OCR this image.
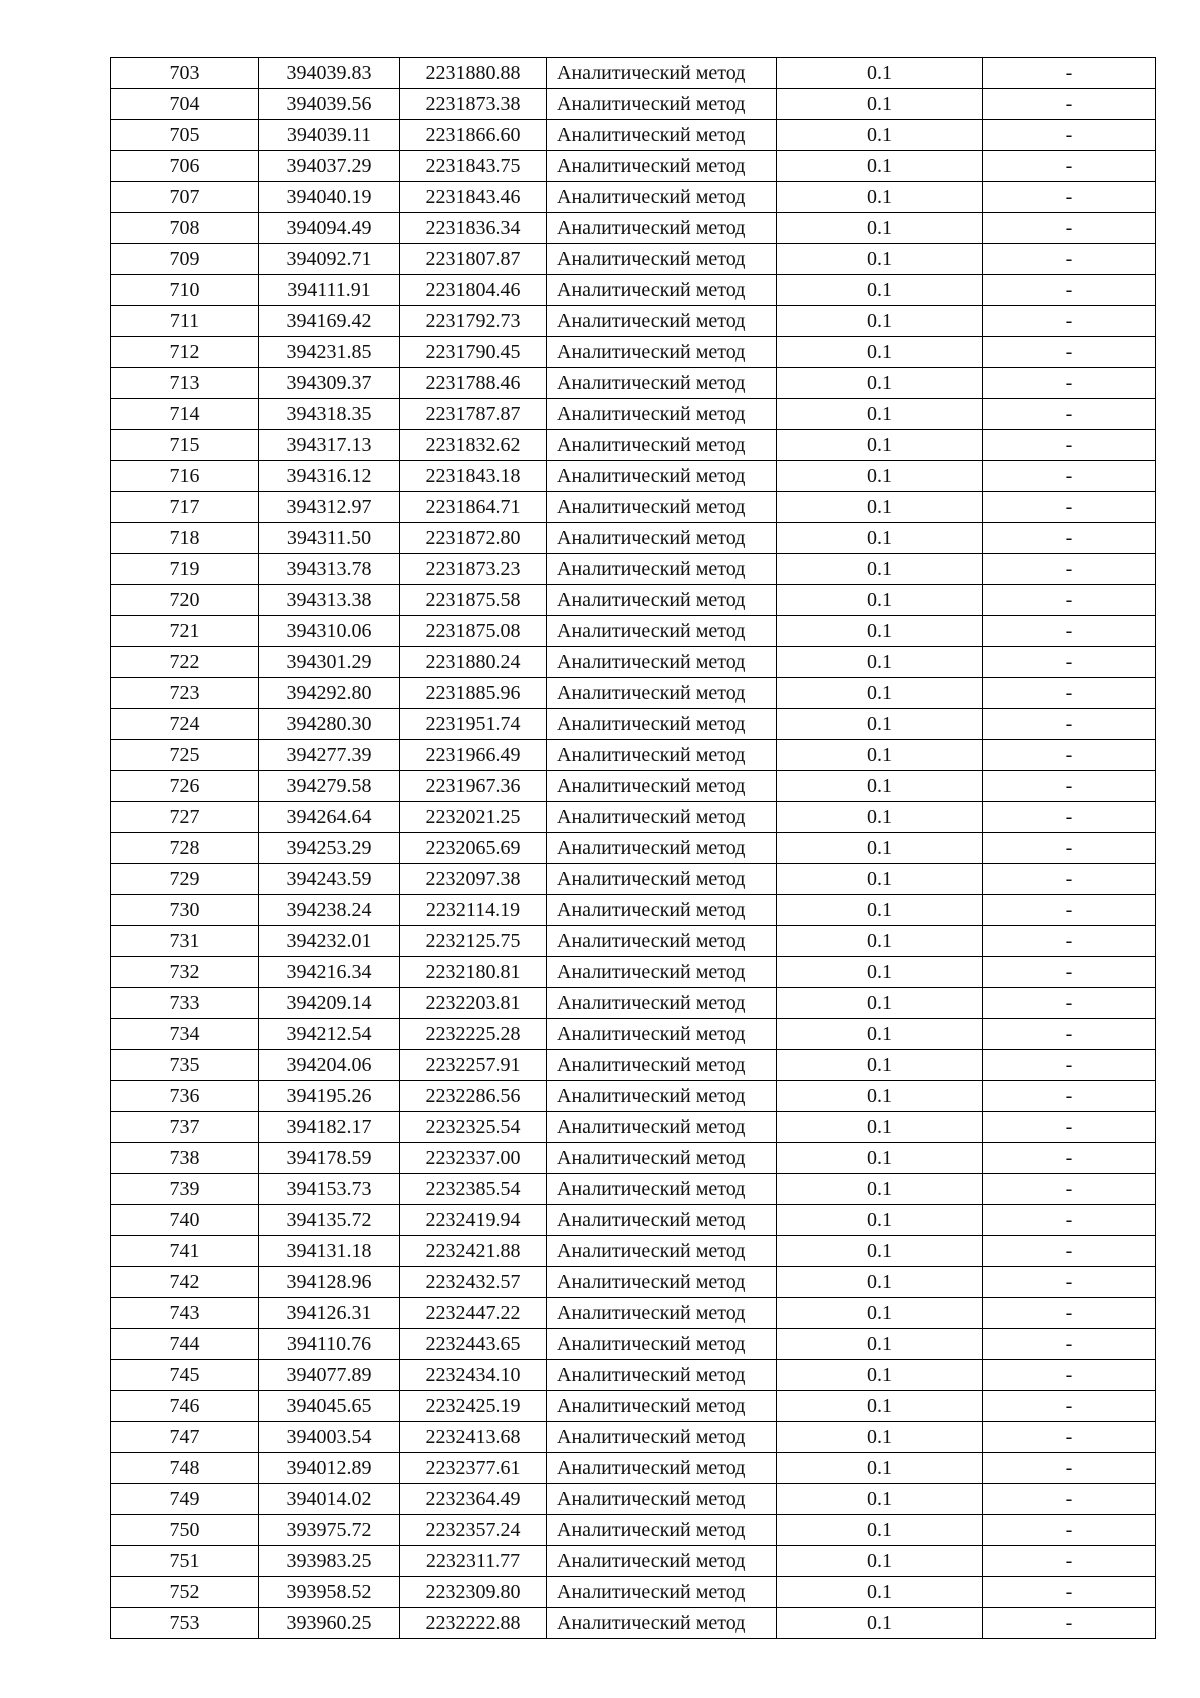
703	394039.83	2231880.88	Аналитический метод	0.1	-
704	394039.56	2231873.38	Аналитический метод	0.1	-
705	394039.11	2231866.60	Аналитический метод	0.1	-
706	394037.29	2231843.75	Аналитический метод	0.1	-
707	394040.19	2231843.46	Аналитический метод	0.1	-
708	394094.49	2231836.34	Аналитический метод	0.1	-
709	394092.71	2231807.87	Аналитический метод	0.1	-
710	394111.91	2231804.46	Аналитический метод	0.1	-
711	394169.42	2231792.73	Аналитический метод	0.1	-
712	394231.85	2231790.45	Аналитический метод	0.1	-
713	394309.37	2231788.46	Аналитический метод	0.1	-
714	394318.35	2231787.87	Аналитический метод	0.1	-
715	394317.13	2231832.62	Аналитический метод	0.1	-
716	394316.12	2231843.18	Аналитический метод	0.1	-
717	394312.97	2231864.71	Аналитический метод	0.1	-
718	394311.50	2231872.80	Аналитический метод	0.1	-
719	394313.78	2231873.23	Аналитический метод	0.1	-
720	394313.38	2231875.58	Аналитический метод	0.1	-
721	394310.06	2231875.08	Аналитический метод	0.1	-
722	394301.29	2231880.24	Аналитический метод	0.1	-
723	394292.80	2231885.96	Аналитический метод	0.1	-
724	394280.30	2231951.74	Аналитический метод	0.1	-
725	394277.39	2231966.49	Аналитический метод	0.1	-
726	394279.58	2231967.36	Аналитический метод	0.1	-
727	394264.64	2232021.25	Аналитический метод	0.1	-
728	394253.29	2232065.69	Аналитический метод	0.1	-
729	394243.59	2232097.38	Аналитический метод	0.1	-
730	394238.24	2232114.19	Аналитический метод	0.1	-
731	394232.01	2232125.75	Аналитический метод	0.1	-
732	394216.34	2232180.81	Аналитический метод	0.1	-
733	394209.14	2232203.81	Аналитический метод	0.1	-
734	394212.54	2232225.28	Аналитический метод	0.1	-
735	394204.06	2232257.91	Аналитический метод	0.1	-
736	394195.26	2232286.56	Аналитический метод	0.1	-
737	394182.17	2232325.54	Аналитический метод	0.1	-
738	394178.59	2232337.00	Аналитический метод	0.1	-
739	394153.73	2232385.54	Аналитический метод	0.1	-
740	394135.72	2232419.94	Аналитический метод	0.1	-
741	394131.18	2232421.88	Аналитический метод	0.1	-
742	394128.96	2232432.57	Аналитический метод	0.1	-
743	394126.31	2232447.22	Аналитический метод	0.1	-
744	394110.76	2232443.65	Аналитический метод	0.1	-
745	394077.89	2232434.10	Аналитический метод	0.1	-
746	394045.65	2232425.19	Аналитический метод	0.1	-
747	394003.54	2232413.68	Аналитический метод	0.1	-
748	394012.89	2232377.61	Аналитический метод	0.1	-
749	394014.02	2232364.49	Аналитический метод	0.1	-
750	393975.72	2232357.24	Аналитический метод	0.1	-
751	393983.25	2232311.77	Аналитический метод	0.1	-
752	393958.52	2232309.80	Аналитический метод	0.1	-
753	393960.25	2232222.88	Аналитический метод	0.1	-
